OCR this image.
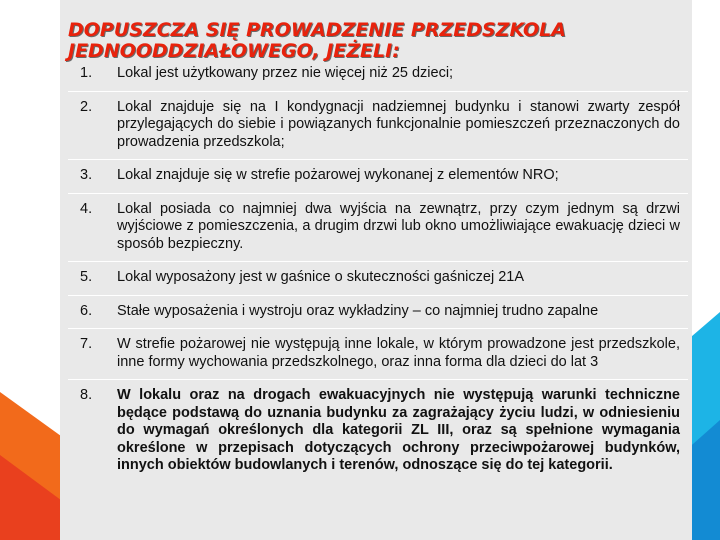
DOPUSZCZA SIĘ PROWADZENIE PRZEDSZKOLA
JEDNOODDZIAŁOWEGO, JEŻELI:
1.	Lokal jest użytkowany przez nie więcej niż 25 dzieci;
2.	Lokal znajduje się na I kondygnacji nadziemnej budynku i stanowi zwarty zespół przylegających do siebie i powiązanych funkcjonalnie pomieszczeń przeznaczonych do prowadzenia przedszkola;
3.	Lokal znajduje się w strefie pożarowej wykonanej z elementów NRO;
4.	Lokal posiada co najmniej dwa wyjścia na zewnątrz, przy czym jednym są drzwi wyjściowe z pomieszczenia, a drugim drzwi lub okno umożliwiające ewakuację dzieci w sposób bezpieczny.
5.	Lokal wyposażony jest w gaśnice o skuteczności gaśniczej 21A
6.	Stałe wyposażenia i wystroju oraz wykładziny – co najmniej trudno zapalne
7.	W strefie pożarowej nie występują inne lokale, w którym prowadzone jest przedszkole, inne formy wychowania przedszkolnego, oraz inna forma dla dzieci do lat 3
8.	W lokalu oraz na drogach ewakuacyjnych nie występują warunki techniczne będące podstawą do uznania budynku za zagrażający życiu ludzi, w odniesieniu do wymagań określonych dla kategorii ZL III, oraz są spełnione wymagania określone w przepisach dotyczących ochrony przeciwpożarowej budynków, innych obiektów budowlanych i terenów, odnoszące się do tej kategorii.
